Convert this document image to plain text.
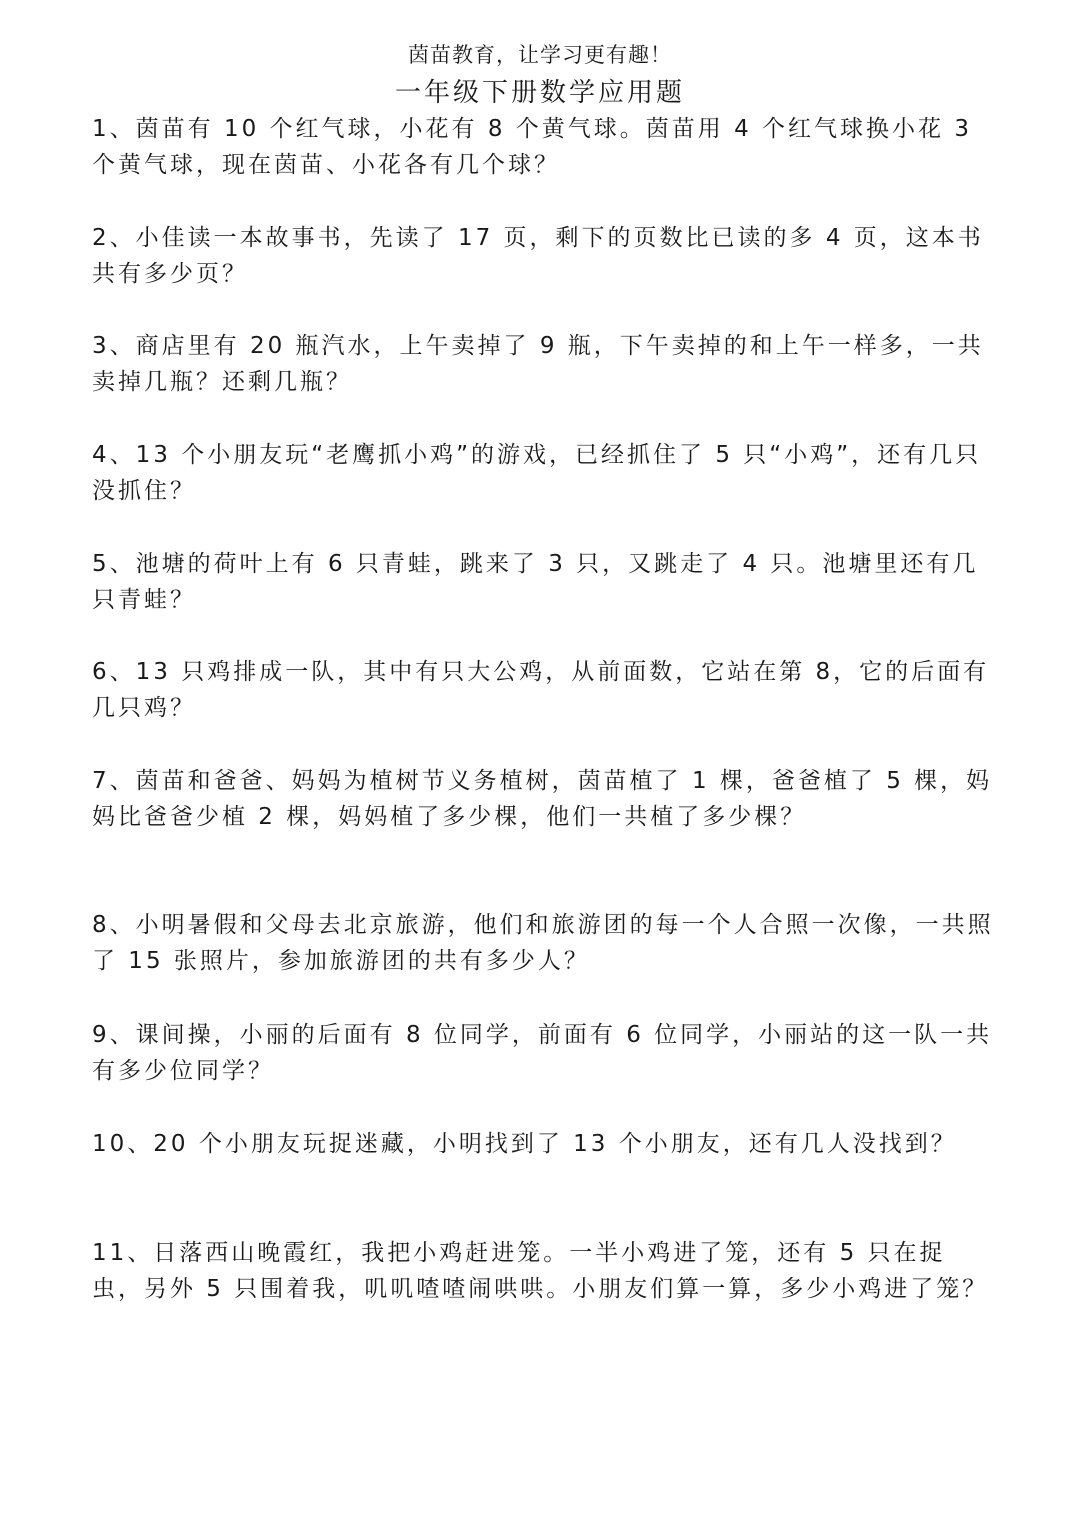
茵苗教育，让学习更有趣！
一年级下册数学应用题

1、茵苗有 10 个红气球，小花有 8 个黄气球。茵苗用 4 个红气球换小花 3 个黄气球，现在茵苗、小花各有几个球？

2、小佳读一本故事书，先读了 17 页，剩下的页数比已读的多 4 页，这本书共有多少页？

3、商店里有 20 瓶汽水，上午卖掉了 9 瓶，下午卖掉的和上午一样多，一共卖掉几瓶？还剩几瓶？

4、13 个小朋友玩“老鹰抓小鸡”的游戏，已经抓住了 5 只“小鸡”，还有几只没抓住？

5、池塘的荷叶上有 6 只青蛙，跳来了 3 只，又跳走了 4 只。池塘里还有几只青蛙？

6、13 只鸡排成一队，其中有只大公鸡，从前面数，它站在第 8，它的后面有几只鸡？

7、茵苗和爸爸、妈妈为植树节义务植树，茵苗植了 1 棵，爸爸植了 5 棵，妈妈比爸爸少植 2 棵，妈妈植了多少棵，他们一共植了多少棵？

8、小明暑假和父母去北京旅游，他们和旅游团的每一个人合照一次像，一共照了 15 张照片，参加旅游团的共有多少人？

9、课间操，小丽的后面有 8 位同学，前面有 6 位同学，小丽站的这一队一共有多少位同学？

10、20 个小朋友玩捉迷藏，小明找到了 13 个小朋友，还有几人没找到？

11、日落西山晚霞红，我把小鸡赶进笼。一半小鸡进了笼，还有 5 只在捉虫，另外 5 只围着我，叽叽喳喳闹哄哄。小朋友们算一算，多少小鸡进了笼？
